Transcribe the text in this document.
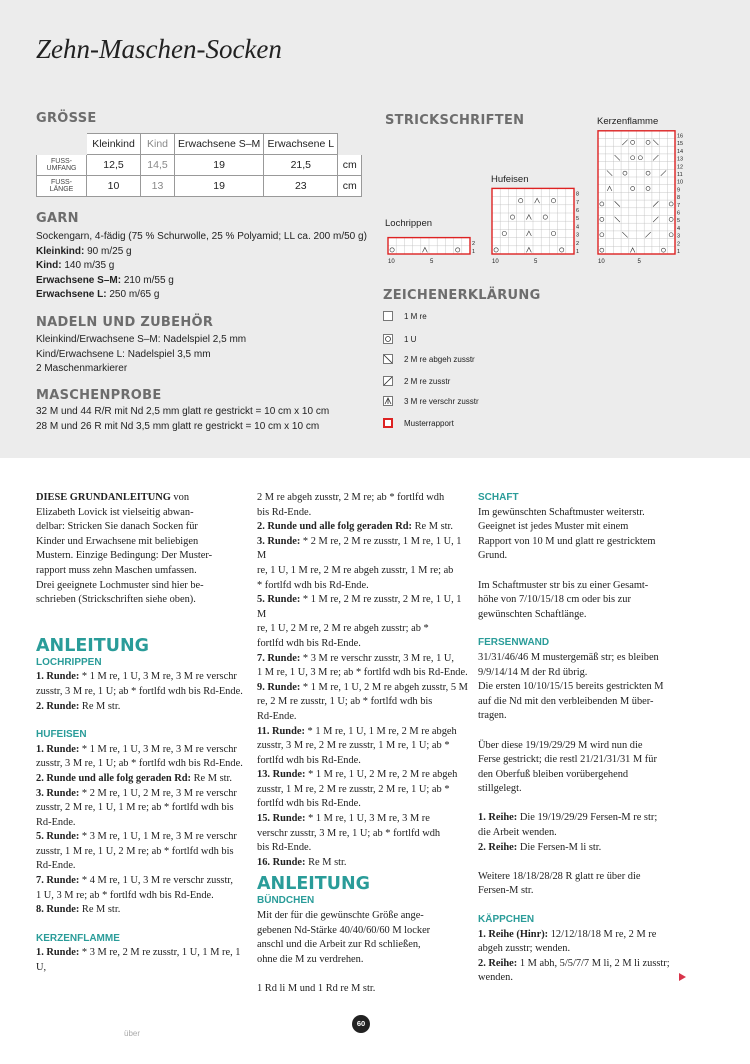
Zehn-Maschen-Socken
GRÖSSE
	Kleinkind	Kind	Erwachsene S–M	Erwachsene L	
FUSS-
UMFANG	12,5	14,5	19	21,5	cm
FUSS-
LÄNGE	10	13	19	23	cm
GARN
Sockengarn, 4-fädig (75 % Schurwolle, 25 % Polyamid; LL ca. 200 m/50 g)
Kleinkind: 90 m/25 g
Kind: 140 m/35 g
Erwachsene S–M: 210 m/55 g
Erwachsene L: 250 m/65 g
NADELN UND ZUBEHÖR
Kleinkind/Erwachsene S–M: Nadelspiel 2,5 mm
Kind/Erwachsene L: Nadelspiel 3,5 mm
2 Maschenmarkierer
MASCHENPROBE
32 M und 44 R/R mit Nd 2,5 mm glatt re gestrickt = 10 cm x 10 cm
28 M und 26 R mit Nd 3,5 mm glatt re gestrickt = 10 cm x 10 cm
STRICKSCHRIFTEN
Lochrippen
Hufeisen
Kerzenflamme
2
1
10	5
8
7
6
5
4
3
2
1
10	5
16
15
14
13
12
11
10
9
8
7
6
5
4
3
2
1
10	5
ZEICHENERKLÄRUNG
1 M re
1 U
2 M re abgeh zusstr
2 M re zusstr
3 M re verschr zusstr
Musterrapport

DIESE GRUNDANLEITUNG von

Elizabeth Lovick ist vielseitig abwan-

delbar: Stricken Sie danach Socken für

Kinder und Erwachsene mit beliebigen

Mustern. Einzige Bedingung: Der Muster-

rapport muss zehn Maschen umfassen.

Drei geeignete Lochmuster sind hier be-

schrieben (Strickschriften siehe oben).

ANLEITUNG
LOCHRIPPEN

1. Runde: * 1 M re, 1 U, 3 M re, 3 M re verschr

zusstr, 3 M re, 1 U; ab * fortlfd wdh bis Rd-Ende.

2. Runde: Re M str.

HUFEISEN

1. Runde: * 1 M re, 1 U, 3 M re, 3 M re verschr

zusstr, 3 M re, 1 U; ab * fortlfd wdh bis Rd-Ende.

2. Runde und alle folg geraden Rd: Re M str.

3. Runde: * 2 M re, 1 U, 2 M re, 3 M re verschr

zusstr, 2 M re, 1 U, 1 M re; ab * fortlfd wdh bis

Rd-Ende.

5. Runde: * 3 M re, 1 U, 1 M re, 3 M re verschr

zusstr, 1 M re, 1 U, 2 M re; ab * fortlfd wdh bis

Rd-Ende.

7. Runde: * 4 M re, 1 U, 3 M re verschr zusstr,

1 U, 3 M re; ab * fortlfd wdh bis Rd-Ende.

8. Runde: Re M str.

KERZENFLAMME

1. Runde: * 3 M re, 2 M re zusstr, 1 U, 1 M re, 1 U,

2 M re abgeh zusstr, 2 M re; ab * fortlfd wdh

bis Rd-Ende.

2. Runde und alle folg geraden Rd: Re M str.

3. Runde: * 2 M re, 2 M re zusstr, 1 M re, 1 U, 1 M

re, 1 U, 1 M re, 2 M re abgeh zusstr, 1 M re; ab

* fortlfd wdh bis Rd-Ende.

5. Runde: * 1 M re, 2 M re zusstr, 2 M re, 1 U, 1 M

re, 1 U, 2 M re, 2 M re abgeh zusstr; ab *

fortlfd wdh bis Rd-Ende.

7. Runde: * 3 M re verschr zusstr, 3 M re, 1 U,

1 M re, 1 U, 3 M re; ab * fortlfd wdh bis Rd-Ende.

9. Runde: * 1 M re, 1 U, 2 M re abgeh zusstr, 5 M

re, 2 M re zusstr, 1 U; ab * fortlfd wdh bis

Rd-Ende.

11. Runde: * 1 M re, 1 U, 1 M re, 2 M re abgeh

zusstr, 3 M re, 2 M re zusstr, 1 M re, 1 U; ab *

fortlfd wdh bis Rd-Ende.

13. Runde: * 1 M re, 1 U, 2 M re, 2 M re abgeh

zusstr, 1 M re, 2 M re zusstr, 2 M re, 1 U; ab *

fortlfd wdh bis Rd-Ende.

15. Runde: * 1 M re, 1 U, 3 M re, 3 M re

verschr zusstr, 3 M re, 1 U; ab * fortlfd wdh

bis Rd-Ende.

16. Runde: Re M str.

ANLEITUNG
BÜNDCHEN

Mit der für die gewünschte Größe ange-

gebenen Nd-Stärke 40/40/60/60 M locker

anschl und die Arbeit zur Rd schließen,

ohne die M zu verdrehen.

1 Rd li M und 1 Rd re M str.

SCHAFT

Im gewünschten Schaftmuster weiterstr.

Geeignet ist jedes Muster mit einem

Rapport von 10 M und glatt re gestricktem

Grund.

Im Schaftmuster str bis zu einer Gesamt-

höhe von 7/10/15/18 cm oder bis zur

gewünschten Schaftlänge.

FERSENWAND

31/31/46/46 M mustergemäß str; es bleiben

9/9/14/14 M der Rd übrig.

Die ersten 10/10/15/15 bereits gestrickten M

auf die Nd mit den verbleibenden M über-

tragen.

Über diese 19/19/29/29 M wird nun die

Ferse gestrickt; die restl 21/21/31/31 M für

den Oberfuß bleiben vorübergehend

stillgelegt.

1. Reihe: Die 19/19/29/29 Fersen-M re str;

die Arbeit wenden.

2. Reihe: Die Fersen-M li str.

Weitere 18/18/28/28 R glatt re über die

Fersen-M str.

KÄPPCHEN

1. Reihe (Hinr): 12/12/18/18 M re, 2 M re

abgeh zusstr; wenden.

2. Reihe: 1 M abh, 5/5/7/7 M li, 2 M li zusstr;

wenden.

über
60
